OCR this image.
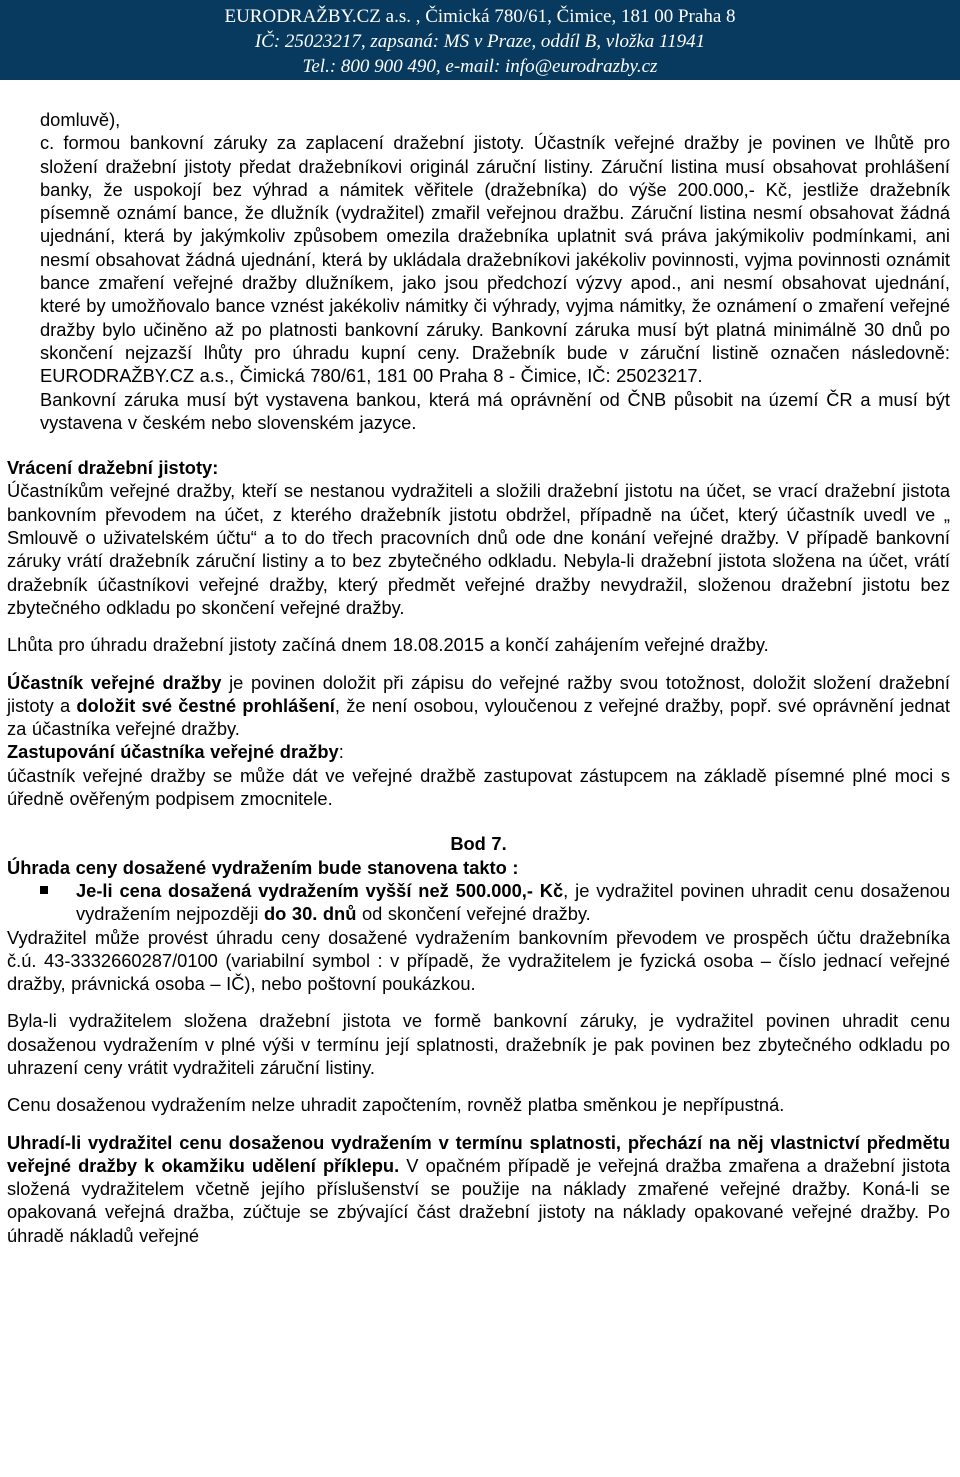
EURODRAŽBY.CZ a.s. , Čimická 780/61, Čimice, 181 00 Praha 8
IČ: 25023217, zapsaná: MS v Praze, oddíl B, vložka 11941
Tel.: 800 900 490, e-mail: info@eurodrazby.cz

domluvě),

c. formou bankovní záruky za zaplacení dražební jistoty. Účastník veřejné dražby je povinen ve lhůtě pro složení dražební jistoty předat dražebníkovi originál záruční listiny. Záruční listina musí obsahovat prohlášení banky, že uspokojí bez výhrad a námitek věřitele (dražebníka) do výše 200.000,- Kč, jestliže dražebník písemně oznámí bance, že dlužník (vydražitel) zmařil veřejnou dražbu. Záruční listina nesmí obsahovat žádná ujednání, která by jakýmkoliv způsobem omezila dražebníka uplatnit svá práva jakýmikoliv podmínkami, ani nesmí obsahovat žádná ujednání, která by ukládala dražebníkovi jakékoliv povinnosti, vyjma povinnosti oznámit bance zmaření veřejné dražby dlužníkem, jako jsou předchozí výzvy apod., ani nesmí obsahovat ujednání, které by umožňovalo bance vznést jakékoliv námitky či výhrady, vyjma námitky, že oznámení o zmaření veřejné dražby bylo učiněno až po platnosti bankovní záruky. Bankovní záruka musí být platná minimálně 30 dnů po skončení nejzazší lhůty pro úhradu kupní ceny. Dražebník bude v záruční listině označen následovně: EURODRAŽBY.CZ a.s., Čimická 780/61, 181 00 Praha 8 - Čimice, IČ: 25023217.

Bankovní záruka musí být vystavena bankou, která má oprávnění od ČNB působit na území ČR a musí být vystavena v českém nebo slovenském jazyce.

Vrácení dražební jistoty:

Účastníkům veřejné dražby, kteří se nestanou vydražiteli a složili dražební jistotu na účet, se vrací dražební jistota bankovním převodem na účet, z kterého dražebník jistotu obdržel, případně na účet, který účastník uvedl ve „ Smlouvě o uživatelském účtu“ a to do třech pracovních dnů ode dne konání veřejné dražby. V případě bankovní záruky vrátí dražebník záruční listiny a to bez zbytečného odkladu. Nebyla-li dražební jistota složena na účet, vrátí dražebník účastníkovi veřejné dražby, který předmět veřejné dražby nevydražil, složenou dražební jistotu bez zbytečného odkladu po skončení veřejné dražby.

Lhůta pro úhradu dražební jistoty začíná dnem 18.08.2015 a končí zahájením veřejné dražby.

Účastník veřejné dražby je povinen doložit při zápisu do veřejné ražby svou totožnost, doložit složení dražební jistoty a doložit své čestné prohlášení, že není osobou, vyloučenou z veřejné dražby, popř. své oprávnění jednat za účastníka veřejné dražby.

Zastupování účastníka veřejné dražby:

účastník veřejné dražby se může dát ve veřejné dražbě zastupovat zástupcem na základě písemné plné moci s úředně ověřeným podpisem zmocnitele.

Bod 7.

Úhrada ceny dosažené vydražením bude stanovena takto :

Je-li cena dosažená vydražením vyšší než 500.000,- Kč, je vydražitel povinen uhradit cenu dosaženou vydražením nejpozději do 30. dnů od skončení veřejné dražby.

Vydražitel může provést úhradu ceny dosažené vydražením bankovním převodem ve prospěch účtu dražebníka č.ú. 43-3332660287/0100 (variabilní symbol : v případě, že vydražitelem je fyzická osoba – číslo jednací veřejné dražby, právnická osoba – IČ), nebo poštovní poukázkou.

Byla-li vydražitelem složena dražební jistota ve formě bankovní záruky, je vydražitel povinen uhradit cenu dosaženou vydražením v plné výši v termínu její splatnosti, dražebník je pak povinen bez zbytečného odkladu po uhrazení ceny vrátit vydražiteli záruční listiny.

Cenu dosaženou vydražením nelze uhradit započtením, rovněž platba směnkou je nepřípustná.

Uhradí-li vydražitel cenu dosaženou vydražením v termínu splatnosti, přechází na něj vlastnictví předmětu veřejné dražby k okamžiku udělení příklepu. V opačném případě je veřejná dražba zmařena a dražební jistota složená vydražitelem včetně jejího příslušenství se použije na náklady zmařené veřejné dražby. Koná-li se opakovaná veřejná dražba, zúčtuje se zbývající část dražební jistoty na náklady opakované veřejné dražby. Po úhradě nákladů veřejné
